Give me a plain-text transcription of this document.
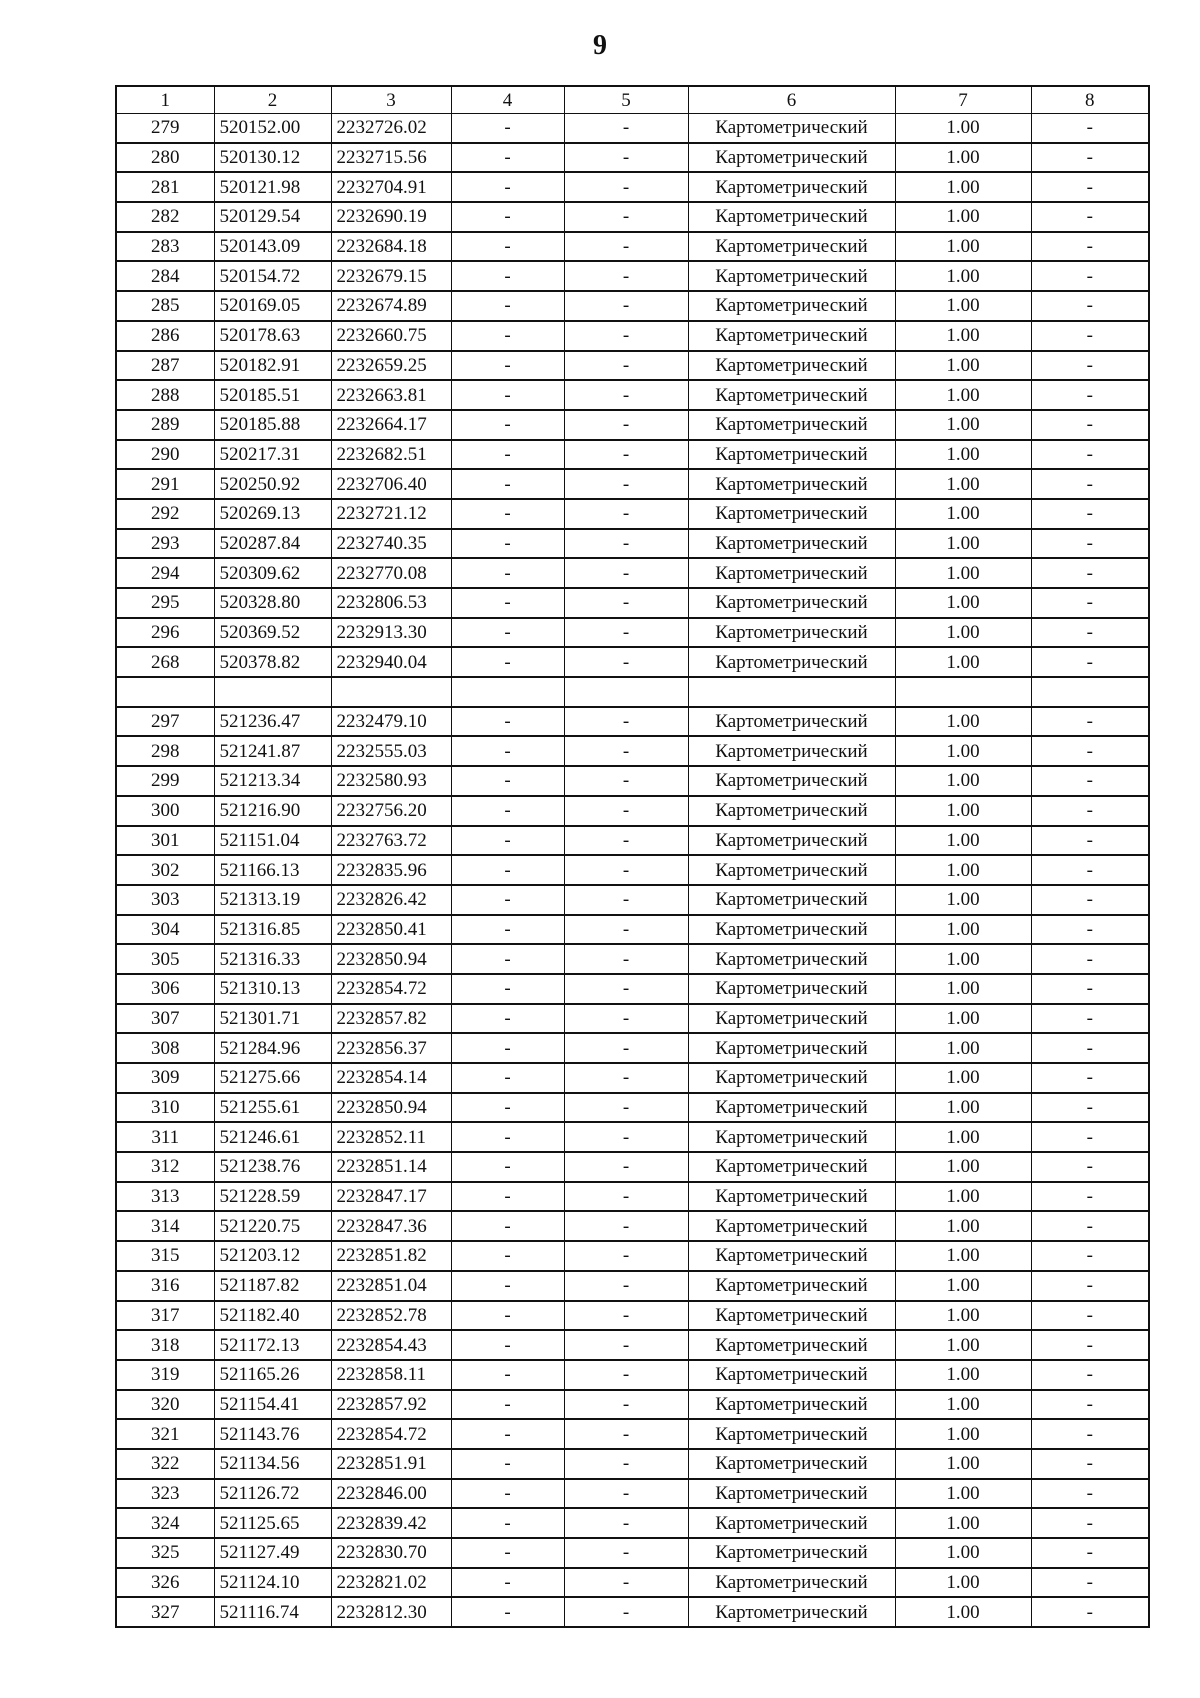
9
1	2	3	4	5	6	7	8
279	520152.00	2232726.02	-	-	Картометрический	1.00	-
280	520130.12	2232715.56	-	-	Картометрический	1.00	-
281	520121.98	2232704.91	-	-	Картометрический	1.00	-
282	520129.54	2232690.19	-	-	Картометрический	1.00	-
283	520143.09	2232684.18	-	-	Картометрический	1.00	-
284	520154.72	2232679.15	-	-	Картометрический	1.00	-
285	520169.05	2232674.89	-	-	Картометрический	1.00	-
286	520178.63	2232660.75	-	-	Картометрический	1.00	-
287	520182.91	2232659.25	-	-	Картометрический	1.00	-
288	520185.51	2232663.81	-	-	Картометрический	1.00	-
289	520185.88	2232664.17	-	-	Картометрический	1.00	-
290	520217.31	2232682.51	-	-	Картометрический	1.00	-
291	520250.92	2232706.40	-	-	Картометрический	1.00	-
292	520269.13	2232721.12	-	-	Картометрический	1.00	-
293	520287.84	2232740.35	-	-	Картометрический	1.00	-
294	520309.62	2232770.08	-	-	Картометрический	1.00	-
295	520328.80	2232806.53	-	-	Картометрический	1.00	-
296	520369.52	2232913.30	-	-	Картометрический	1.00	-
268	520378.82	2232940.04	-	-	Картометрический	1.00	-

297	521236.47	2232479.10	-	-	Картометрический	1.00	-
298	521241.87	2232555.03	-	-	Картометрический	1.00	-
299	521213.34	2232580.93	-	-	Картометрический	1.00	-
300	521216.90	2232756.20	-	-	Картометрический	1.00	-
301	521151.04	2232763.72	-	-	Картометрический	1.00	-
302	521166.13	2232835.96	-	-	Картометрический	1.00	-
303	521313.19	2232826.42	-	-	Картометрический	1.00	-
304	521316.85	2232850.41	-	-	Картометрический	1.00	-
305	521316.33	2232850.94	-	-	Картометрический	1.00	-
306	521310.13	2232854.72	-	-	Картометрический	1.00	-
307	521301.71	2232857.82	-	-	Картометрический	1.00	-
308	521284.96	2232856.37	-	-	Картометрический	1.00	-
309	521275.66	2232854.14	-	-	Картометрический	1.00	-
310	521255.61	2232850.94	-	-	Картометрический	1.00	-
311	521246.61	2232852.11	-	-	Картометрический	1.00	-
312	521238.76	2232851.14	-	-	Картометрический	1.00	-
313	521228.59	2232847.17	-	-	Картометрический	1.00	-
314	521220.75	2232847.36	-	-	Картометрический	1.00	-
315	521203.12	2232851.82	-	-	Картометрический	1.00	-
316	521187.82	2232851.04	-	-	Картометрический	1.00	-
317	521182.40	2232852.78	-	-	Картометрический	1.00	-
318	521172.13	2232854.43	-	-	Картометрический	1.00	-
319	521165.26	2232858.11	-	-	Картометрический	1.00	-
320	521154.41	2232857.92	-	-	Картометрический	1.00	-
321	521143.76	2232854.72	-	-	Картометрический	1.00	-
322	521134.56	2232851.91	-	-	Картометрический	1.00	-
323	521126.72	2232846.00	-	-	Картометрический	1.00	-
324	521125.65	2232839.42	-	-	Картометрический	1.00	-
325	521127.49	2232830.70	-	-	Картометрический	1.00	-
326	521124.10	2232821.02	-	-	Картометрический	1.00	-
327	521116.74	2232812.30	-	-	Картометрический	1.00	-
